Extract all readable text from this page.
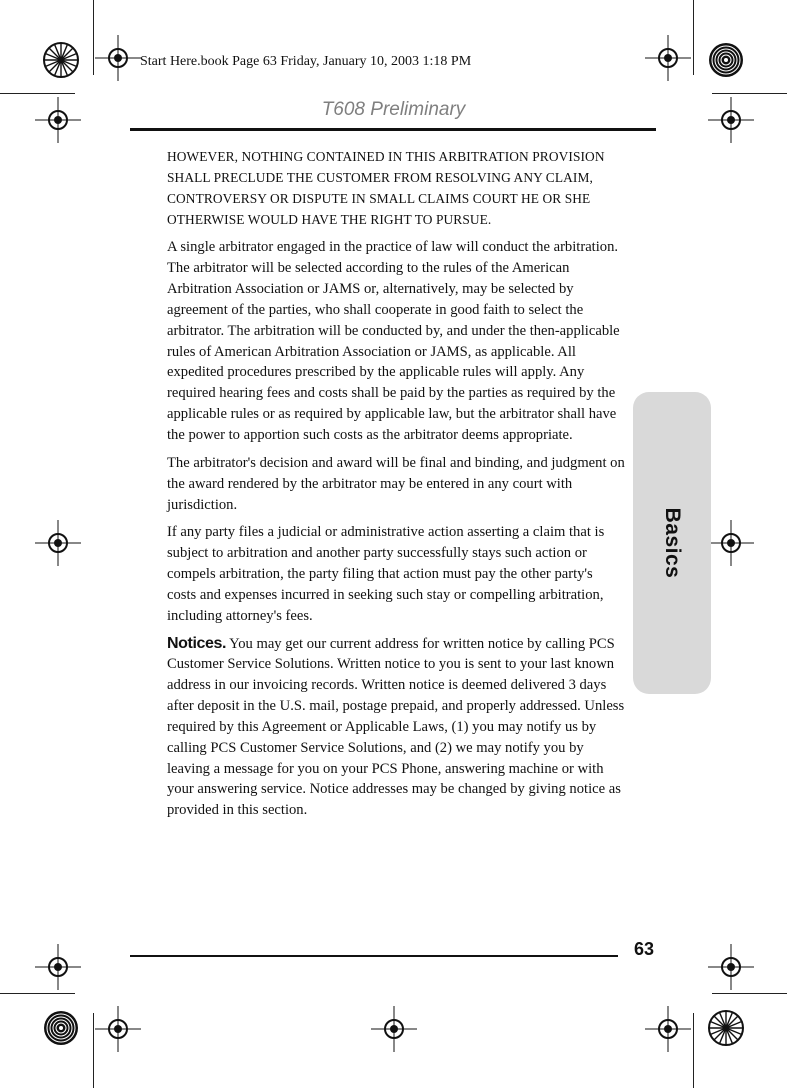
Start Here.book Page 63 Friday, January 10, 2003 1:18 PM
T608 Preliminary
Basics

HOWEVER, NOTHING CONTAINED IN THIS ARBITRATION PROVISION SHALL PRECLUDE THE CUSTOMER FROM RESOLVING ANY CLAIM, CONTROVERSY OR DISPUTE IN SMALL CLAIMS COURT HE OR SHE OTHERWISE WOULD HAVE THE RIGHT TO PURSUE.

A single arbitrator engaged in the practice of law will conduct the arbitration. The arbitrator will be selected according to the rules of the American Arbitration Association or JAMS or, alternatively, may be selected by agreement of the parties, who shall cooperate in good faith to select the arbitrator. The arbitration will be conducted by, and under the then-applicable rules of American Arbitration Association or JAMS, as applicable. All expedited procedures prescribed by the applicable rules will apply. Any required hearing fees and costs shall be paid by the parties as required by the applicable rules or as required by applicable law, but the arbitrator shall have the power to apportion such costs as the arbitrator deems appropriate.

The arbitrator's decision and award will be final and binding, and judgment on the award rendered by the arbitrator may be entered in any court with jurisdiction.

If any party files a judicial or administrative action asserting a claim that is subject to arbitration and another party successfully stays such action or compels arbitration, the party filing that action must pay the other party's costs and expenses incurred in seeking such stay or compelling arbitration, including attorney's fees.

Notices. You may get our current address for written notice by calling PCS Customer Service Solutions. Written notice to you is sent to your last known address in our invoicing records. Written notice is deemed delivered 3 days after deposit in the U.S. mail, postage prepaid, and properly addressed. Unless required by this Agreement or Applicable Laws, (1) you may notify us by calling PCS Customer Service Solutions, and (2) we may notify you by leaving a message for you on your PCS Phone, answering machine or with your answering service. Notice addresses may be changed by giving notice as provided in this section.

63
